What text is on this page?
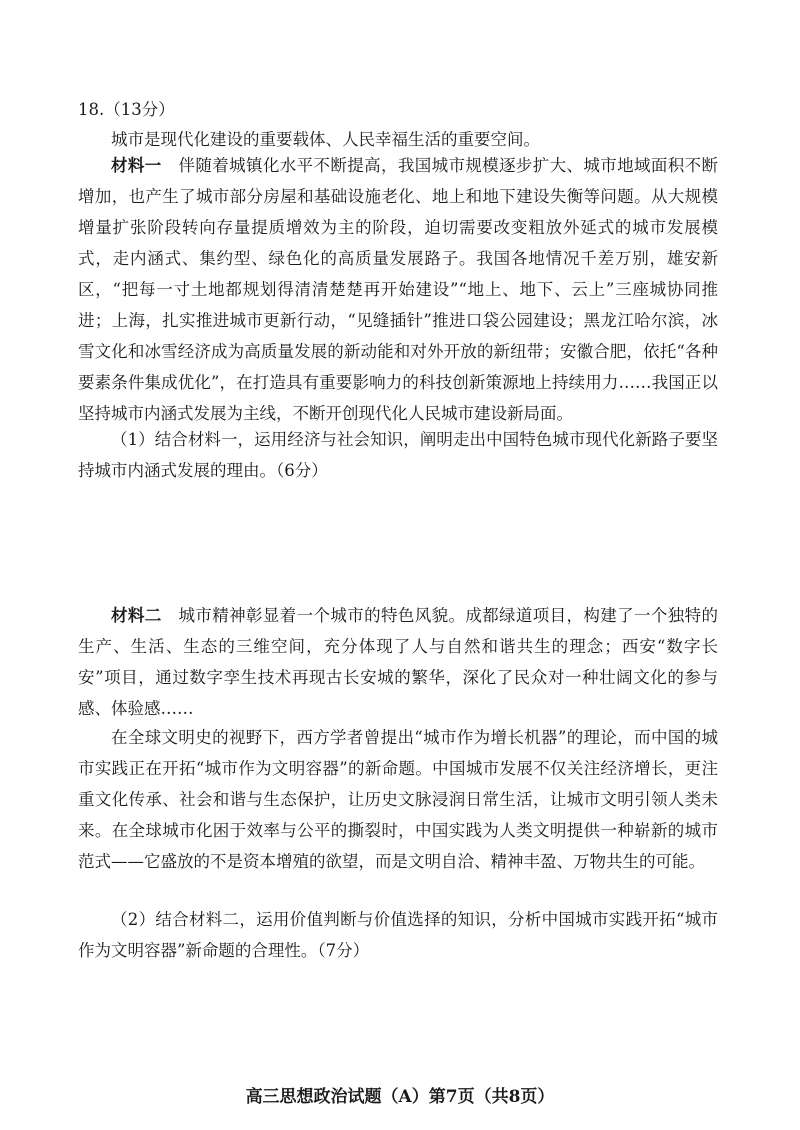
18.（13分）

城市是现代化建设的重要载体、人民幸福生活的重要空间。

材料一　 伴随着城镇化水平不断提高，我国城市规模逐步扩大、城市地域面积不断增加，也产生了城市部分房屋和基础设施老化、地上和地下建设失衡等问题。从大规模增量扩张阶段转向存量提质增效为主的阶段，迫切需要改变粗放外延式的城市发展模式，走内涵式、集约型、绿色化的高质量发展路子。我国各地情况千差万别，雄安新区，“把每一寸土地都规划得清清楚楚再开始建设”“地上、地下、云上”三座城协同推进；上海，扎实推进城市更新行动，“见缝插针”推进口袋公园建设；黑龙江哈尔滨，冰雪文化和冰雪经济成为高质量发展的新动能和对外开放的新纽带；安徽合肥，依托“各种要素条件集成优化”，在打造具有重要影响力的科技创新策源地上持续用力……我国正以坚持城市内涵式发展为主线，不断开创现代化人民城市建设新局面。

（1）结合材料一，运用经济与社会知识，阐明走出中国特色城市现代化新路子要坚持城市内涵式发展的理由。（6分）

材料二　 城市精神彰显着一个城市的特色风貌。成都绿道项目，构建了一个独特的生产、生活、生态的三维空间，充分体现了人与自然和谐共生的理念；西安“数字长安”项目，通过数字孪生技术再现古长安城的繁华，深化了民众对一种壮阔文化的参与感、体验感……

在全球文明史的视野下，西方学者曾提出“城市作为增长机器”的理论，而中国的城市实践正在开拓“城市作为文明容器”的新命题。中国城市发展不仅关注经济增长，更注重文化传承、社会和谐与生态保护，让历史文脉浸润日常生活，让城市文明引领人类未来。在全球城市化困于效率与公平的撕裂时，中国实践为人类文明提供一种崭新的城市范式——它盛放的不是资本增殖的欲望，而是文明自洽、精神丰盈、万物共生的可能。

（2）结合材料二，运用价值判断与价值选择的知识，分析中国城市实践开拓“城市作为文明容器”新命题的合理性。（7分）

高三思想政治试题（A）第7页（共8页）
